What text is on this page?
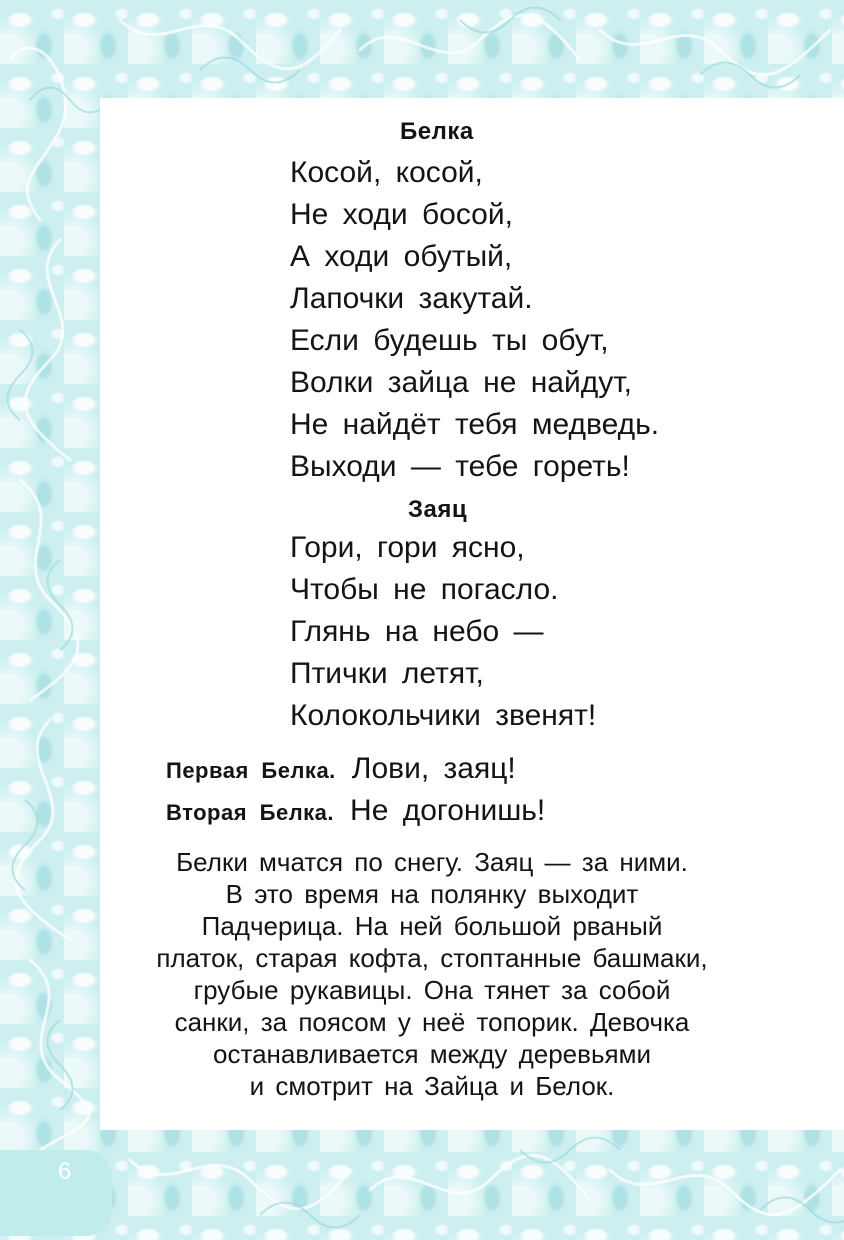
Белка
Косой, косой,
Не ходи босой,
А ходи обутый,
Лапочки закутай.
Если будешь ты обут,
Волки зайца не найдут,
Не найдёт тебя медведь.
Выходи — тебе гореть!
Заяц
Гори, гори ясно,
Чтобы не погасло.
Глянь на небо —
Птички летят,
Колокольчики звенят!
Первая Белка. Лови, заяц!
Вторая Белка. Не догонишь!
Белки мчатся по снегу. Заяц — за ними.
В это время на полянку выходит
Падчерица. На ней большой рваный
платок, старая кофта, стоптанные башмаки,
грубые рукавицы. Она тянет за собой
санки, за поясом у неё топорик. Девочка
останавливается между деревьями
и смотрит на Зайца и Белок.
6
